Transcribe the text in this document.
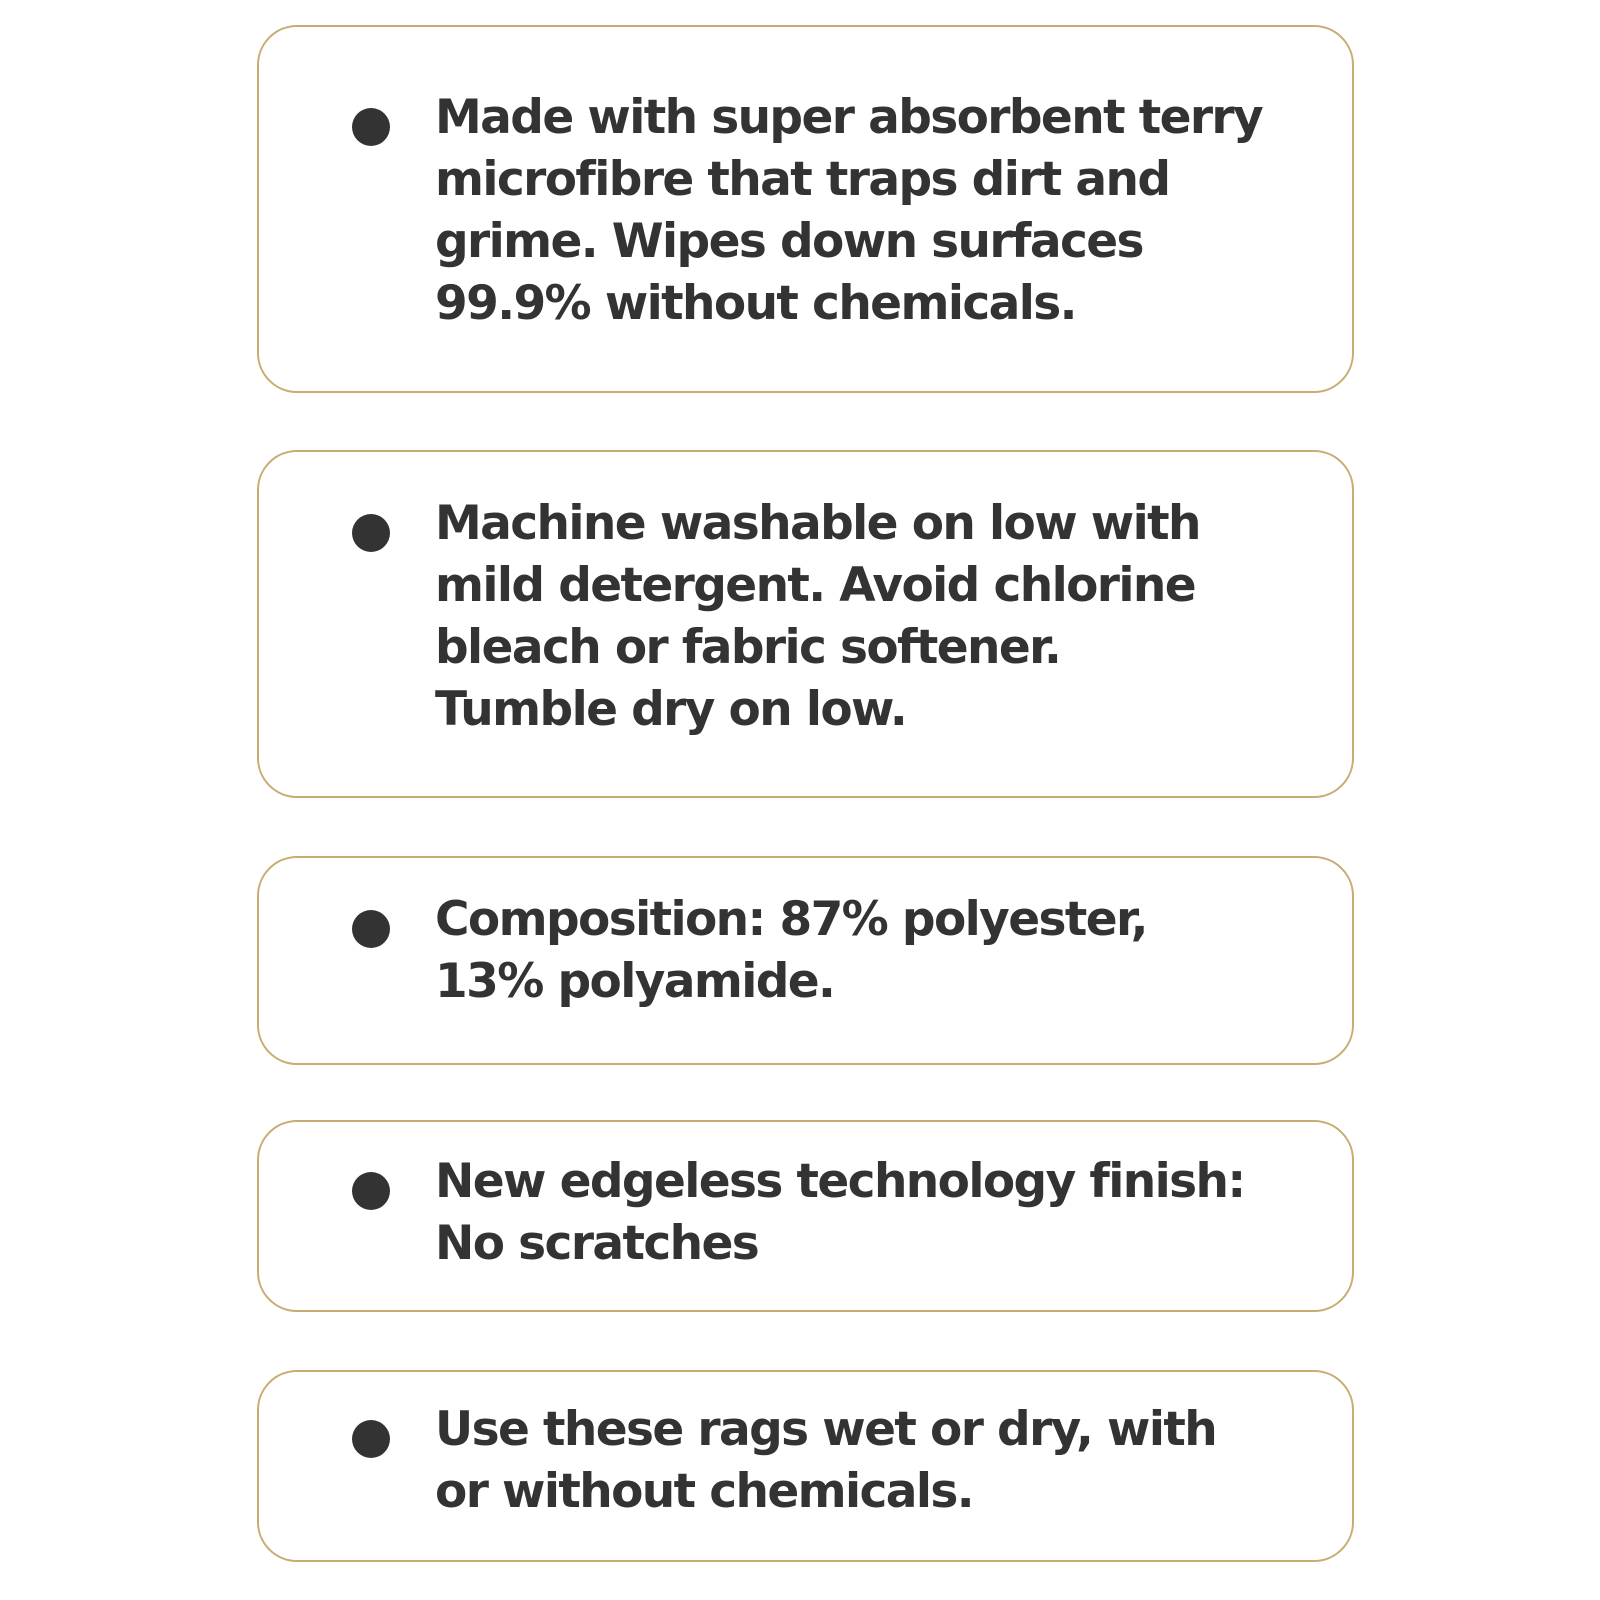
Made with super absorbent terry
microfibre that traps dirt and
grime. Wipes down surfaces
99.9% without chemicals.

Machine washable on low with
mild detergent. Avoid chlorine
bleach or fabric softener.
Tumble dry on low.

Composition: 87% polyester,
13% polyamide.

New edgeless technology finish:
No scratches

Use these rags wet or dry, with
or without chemicals.
